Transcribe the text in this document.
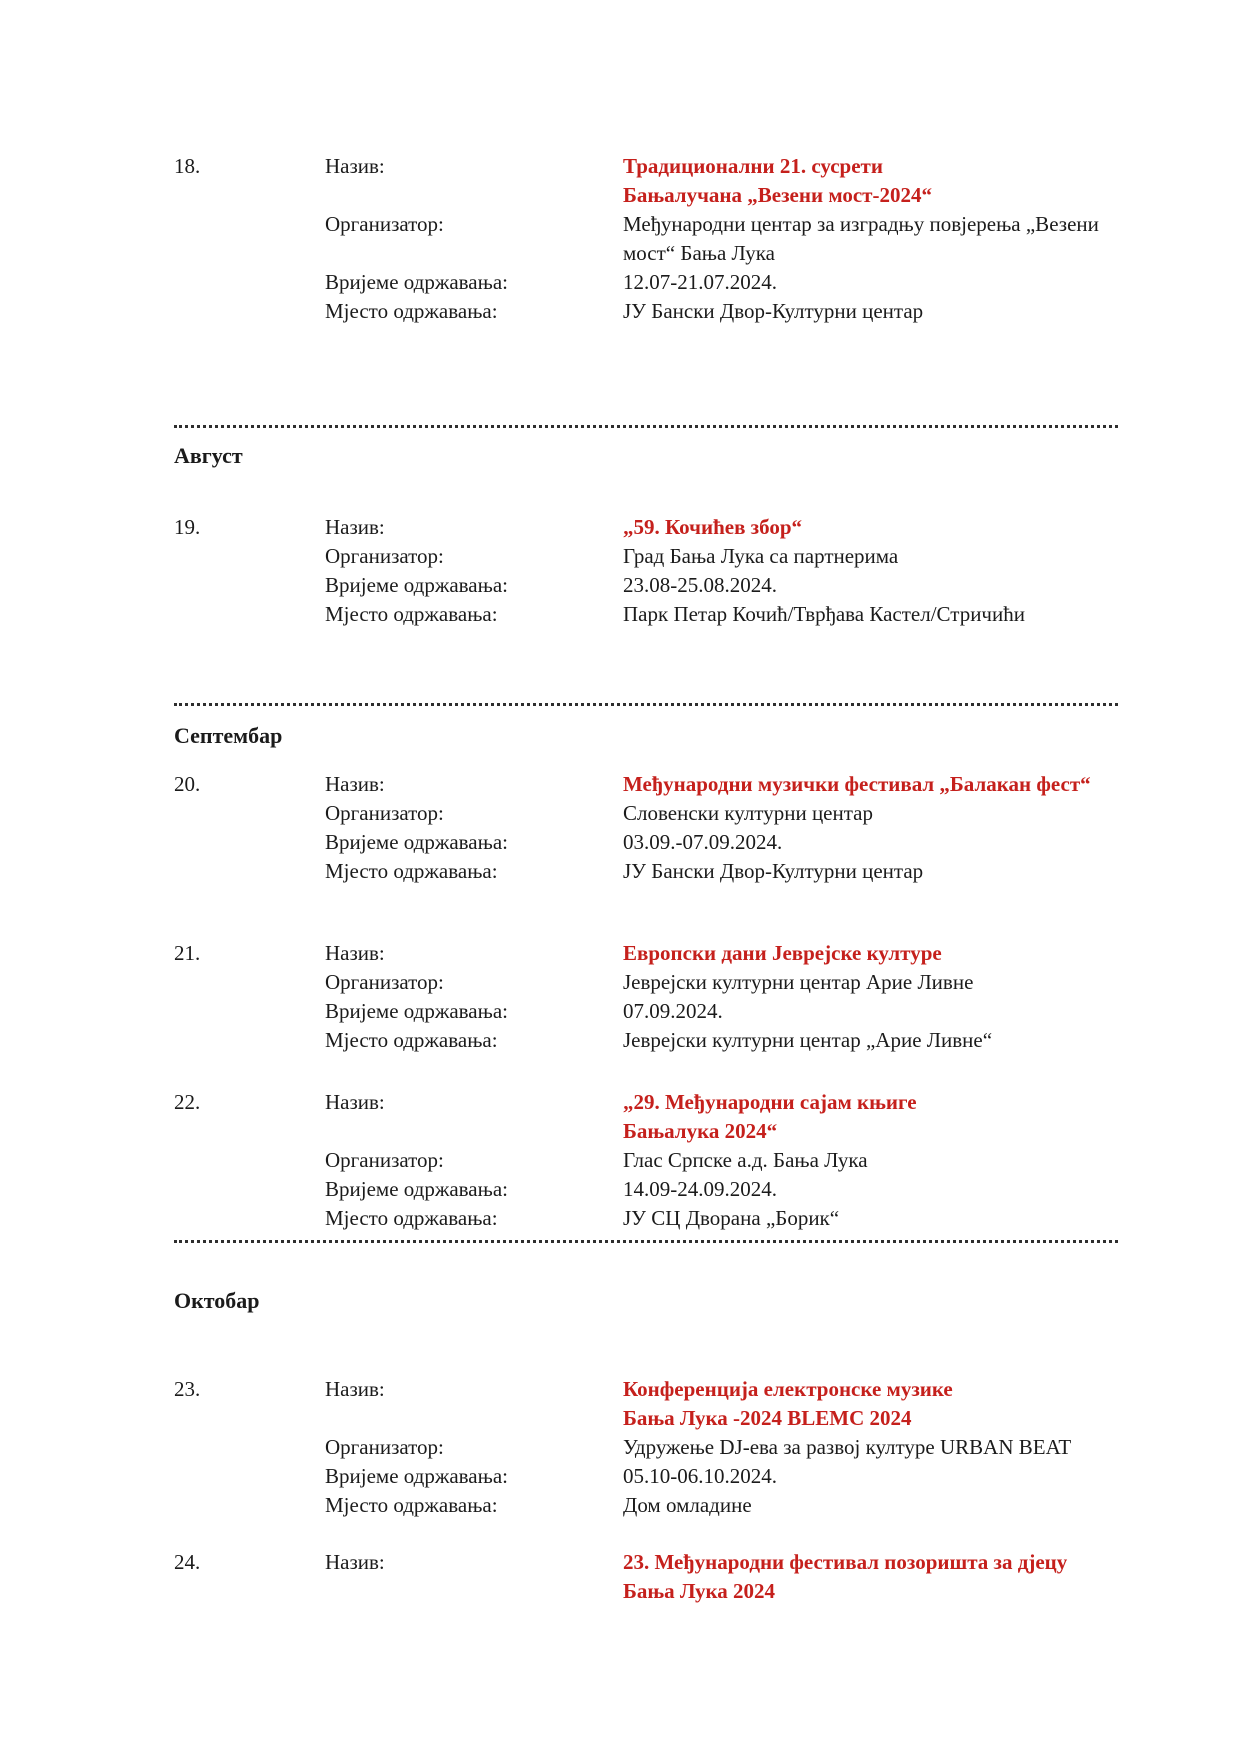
18.	Назив:	Традиционални 21. сусрети
Бањалучана „Везени мост-2024“
Организатор:	Међународни центар за изградњу повјерења „Везени
мост“ Бања Лука
Вријеме одржавања:	12.07-21.07.2024.
Мјесто одржавања:	ЈУ Бански Двор-Културни центар
Август
19.	Назив:	„59. Кочићев збор“
Организатор:	Град Бања Лука са партнерима
Вријеме одржавања:	23.08-25.08.2024.
Мјесто одржавања:	Парк Петар Кочић/Тврђава Кастел/Стричићи
Септембар
20.	Назив:	Међународни музички фестивал „Балакан фест“
Организатор:	Словенски културни центар
Вријеме одржавања:	03.09.-07.09.2024.
Мјесто одржавања:	ЈУ Бански Двор-Културни центар
21.	Назив:	Европски дани Јеврејске културе
Организатор:	Јеврејски културни центар Арие Ливне
Вријеме одржавања:	07.09.2024.
Мјесто одржавања:	Јеврејски културни центар „Арие Ливне“
22.	Назив:	„29. Међународни сајам књиге
Бањалука 2024“
Организатор:	Глас Српске а.д. Бања Лука
Вријеме одржавања:	14.09-24.09.2024.
Мјесто одржавања:	ЈУ СЦ Дворана „Борик“
Октобар
23.	Назив:	Конференција електронске музике
Бања Лука -2024 BLEMC 2024
Организатор:	Удружење DJ-ева за развој културе URBAN BEAT
Вријеме одржавања:	05.10-06.10.2024.
Мјесто одржавања:	Дом омладине
24.	Назив:	23. Међународни фестивал позоришта за дјецу
Бања Лука 2024
